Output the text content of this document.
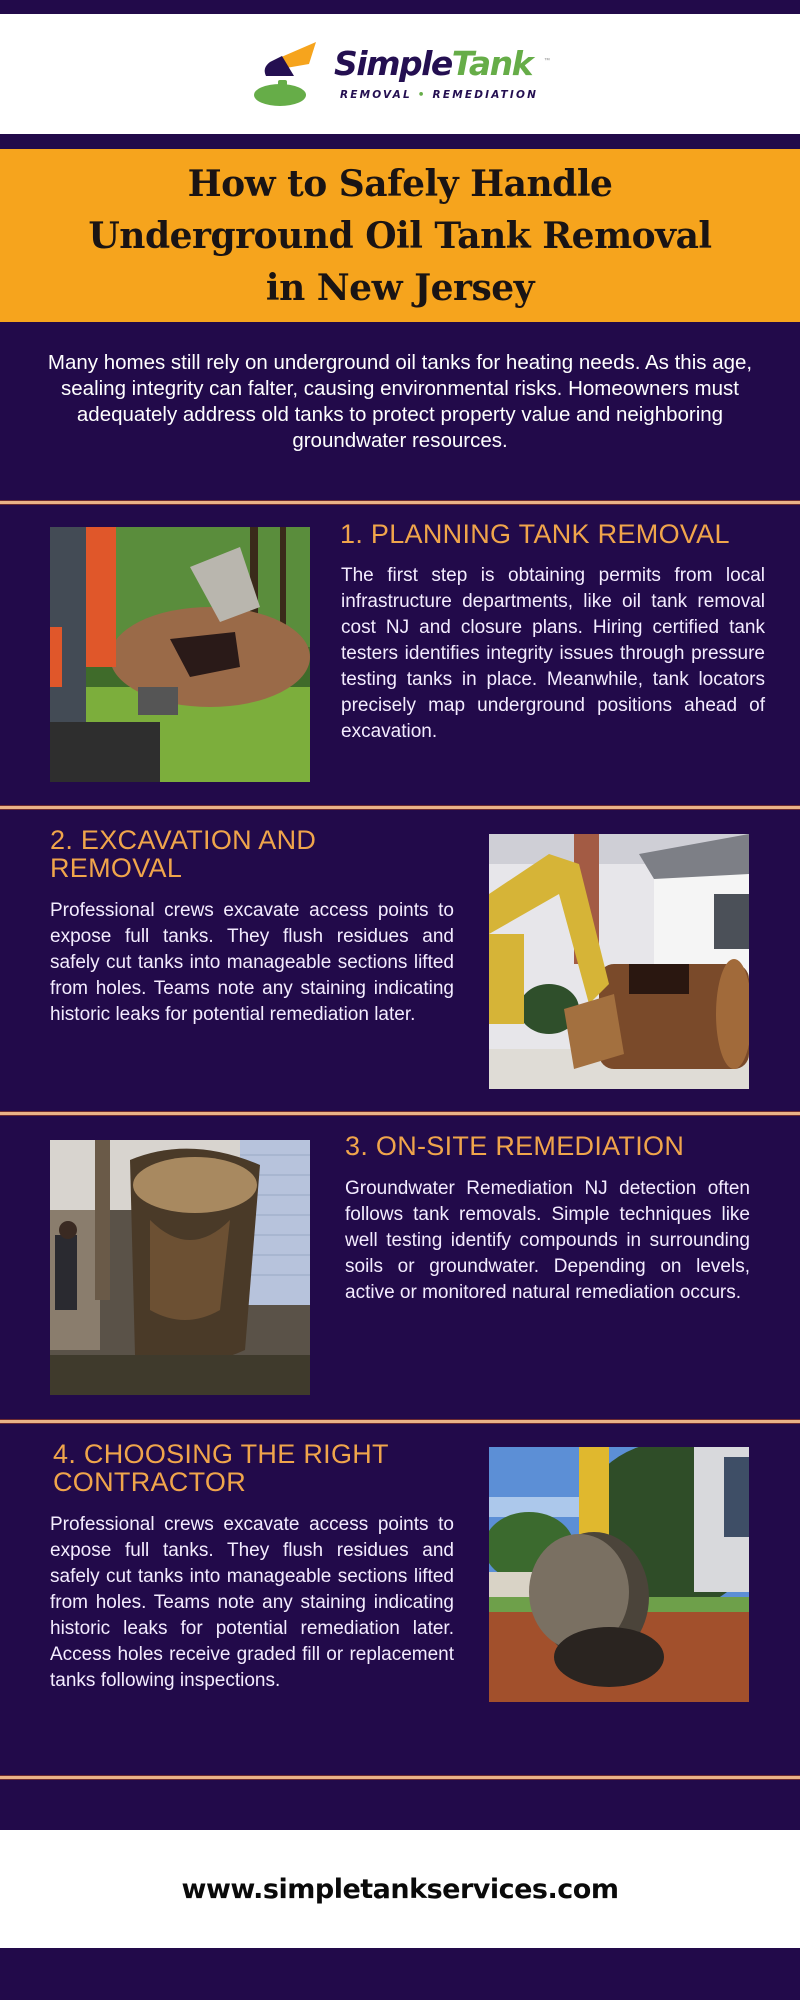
SimpleTank ™
REMOVAL • REMEDIATION
How to Safely Handle
Underground Oil Tank Removal
in New Jersey

Many homes still rely on underground oil tanks for heating needs. As this age, sealing integrity can falter, causing environmental risks. Homeowners must adequately address old tanks to protect property value and neighboring groundwater resources.

1. PLANNING TANK REMOVAL

The first step is obtaining permits from local infrastructure departments, like oil tank removal cost NJ and closure plans. Hiring certified tank testers identifies integrity issues through pressure testing tanks in place. Meanwhile, tank locators precisely map underground positions ahead of excavation.

2. EXCAVATION AND REMOVAL

Professional crews excavate access points to expose full tanks. They flush residues and safely cut tanks into manageable sections lifted from holes. Teams note any staining indicating historic leaks for potential remediation later.

3. ON-SITE REMEDIATION

Groundwater Remediation NJ detection often follows tank removals. Simple techniques like well testing identify compounds in surrounding soils or groundwater. Depending on levels, active or monitored natural remediation occurs.

4. CHOOSING THE RIGHT CONTRACTOR

Professional crews excavate access points to expose full tanks. They flush residues and safely cut tanks into manageable sections lifted from holes. Teams note any staining indicating historic leaks for potential remediation later. Access holes receive graded fill or replacement tanks following inspections.

www.simpletankservices.com
